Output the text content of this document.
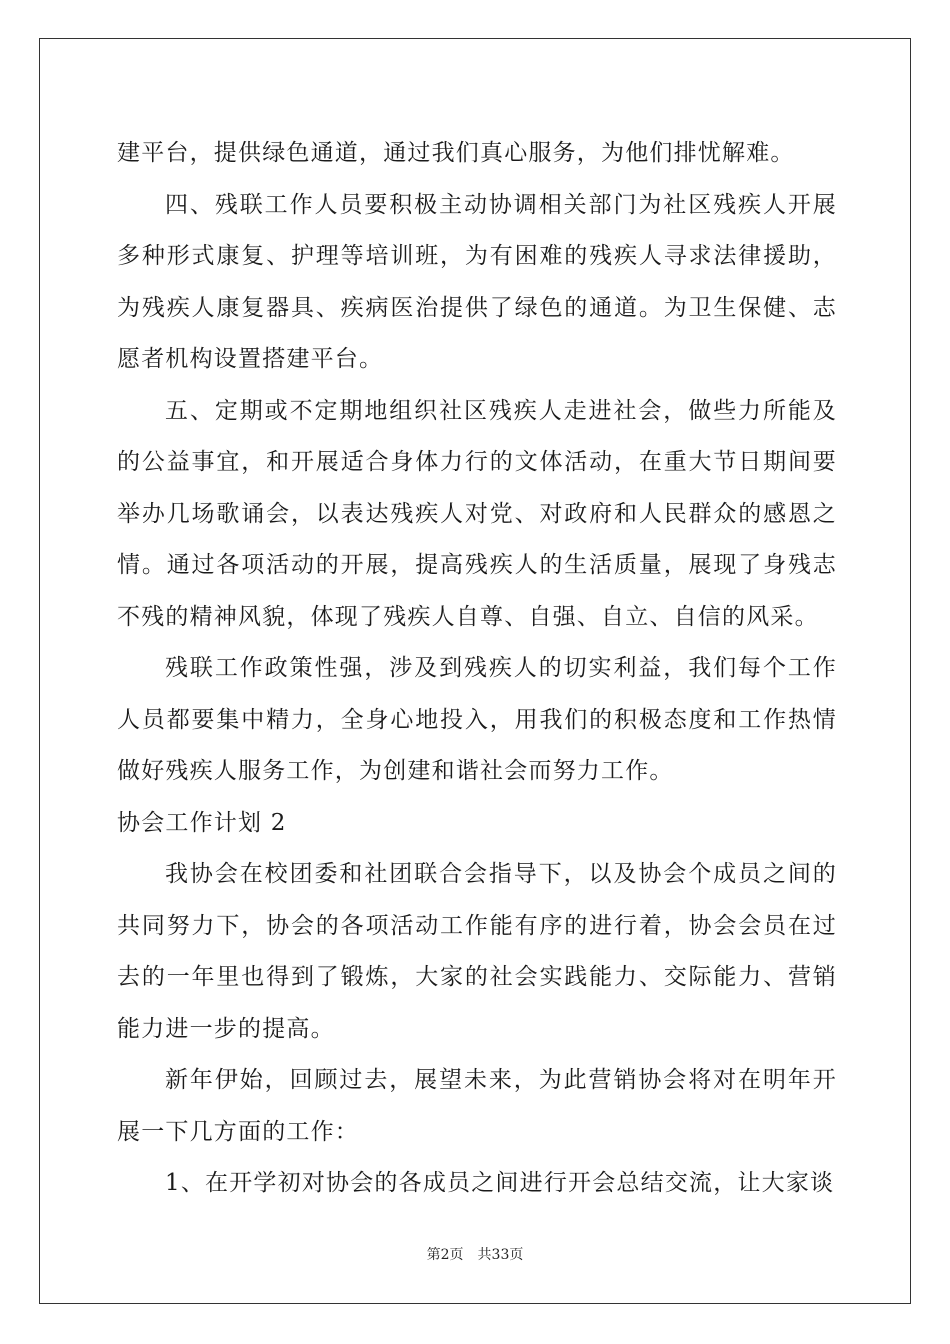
建平台，提供绿色通道，通过我们真心服务，为他们排忧解难。

四、残联工作人员要积极主动协调相关部门为社区残疾人开展多种形式康复、护理等培训班，为有困难的残疾人寻求法律援助，为残疾人康复器具、疾病医治提供了绿色的通道。为卫生保健、志愿者机构设置搭建平台。

五、定期或不定期地组织社区残疾人走进社会，做些力所能及的公益事宜，和开展适合身体力行的文体活动，在重大节日期间要举办几场歌诵会，以表达残疾人对党、对政府和人民群众的感恩之情。通过各项活动的开展，提高残疾人的生活质量，展现了身残志不残的精神风貌，体现了残疾人自尊、自强、自立、自信的风采。

残联工作政策性强，涉及到残疾人的切实利益，我们每个工作人员都要集中精力，全身心地投入，用我们的积极态度和工作热情做好残疾人服务工作，为创建和谐社会而努力工作。

协会工作计划 2

我协会在校团委和社团联合会指导下，以及协会个成员之间的共同努力下，协会的各项活动工作能有序的进行着，协会会员在过去的一年里也得到了锻炼，大家的社会实践能力、交际能力、营销能力进一步的提高。

新年伊始，回顾过去，展望未来，为此营销协会将对在明年开展一下几方面的工作：

1、在开学初对协会的各成员之间进行开会总结交流，让大家谈

第2页 共33页
